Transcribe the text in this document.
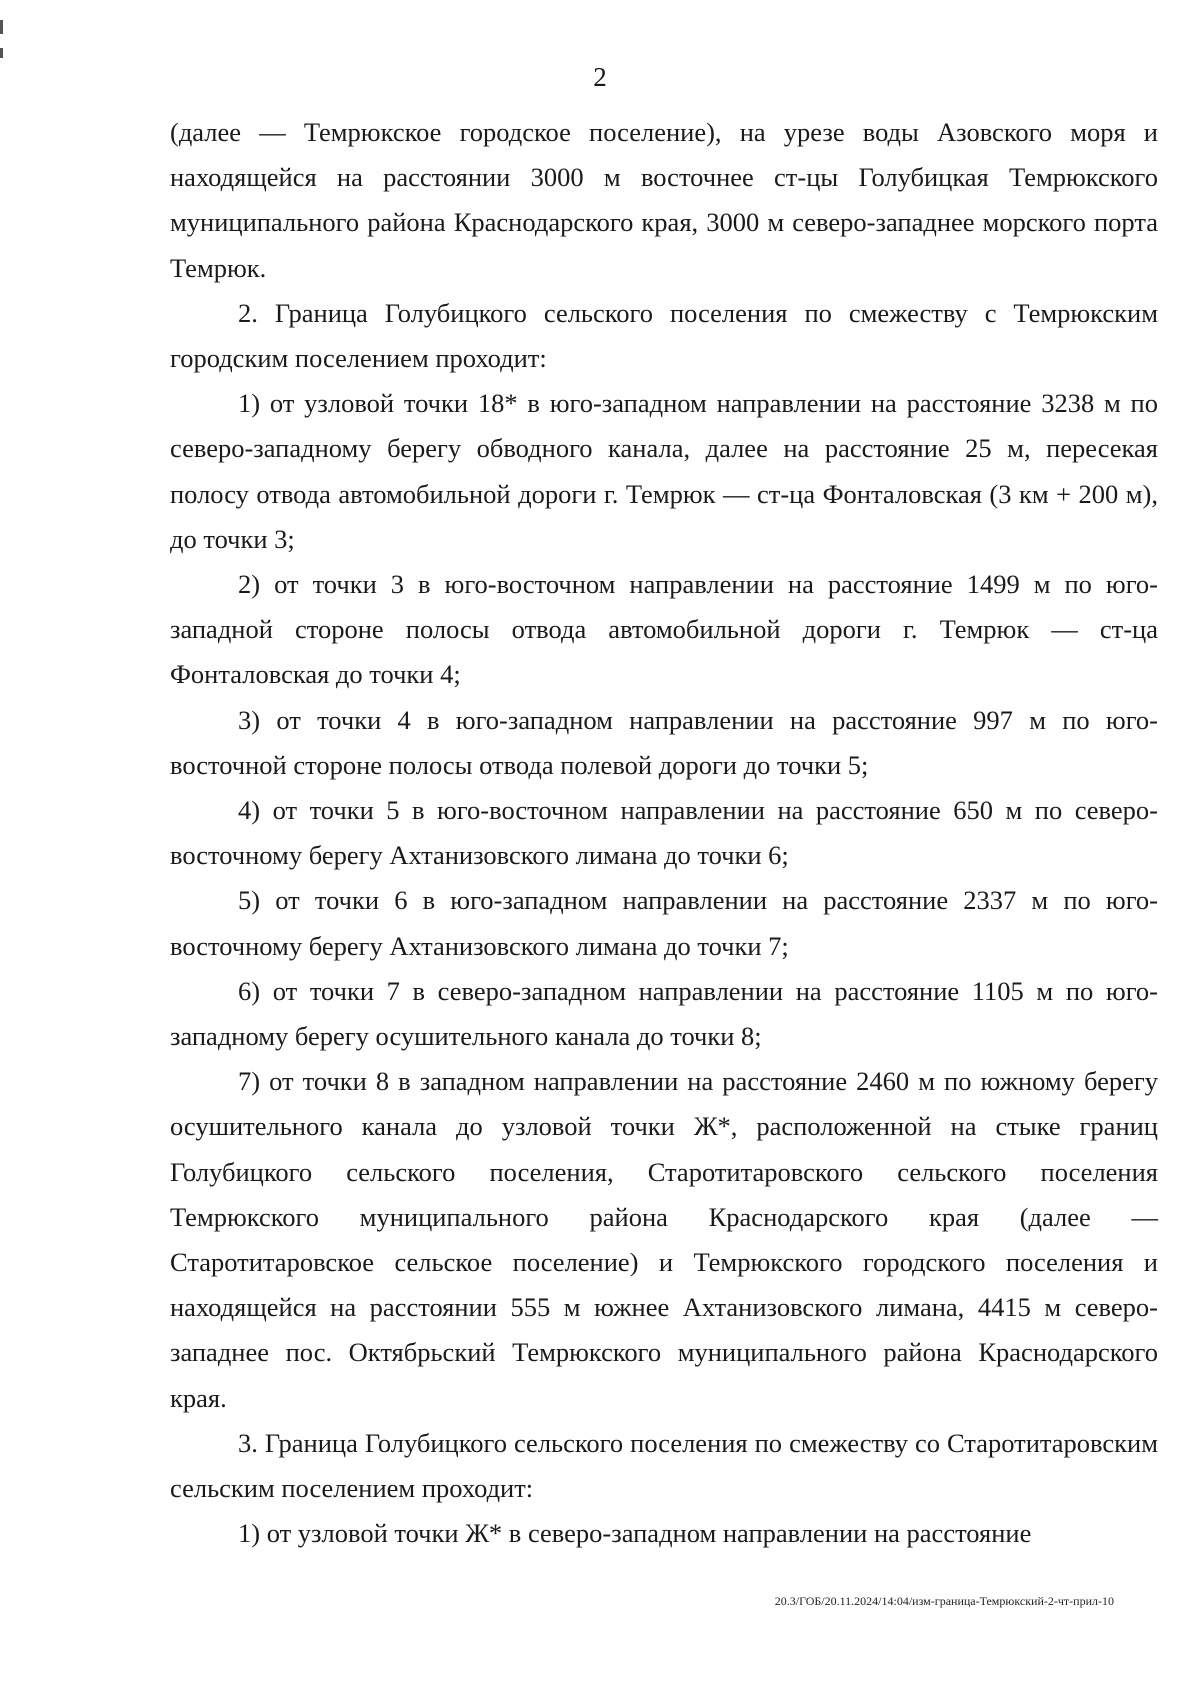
2

(далее — Темрюкское городское поселение), на урезе воды Азовского моря и находящейся на расстоянии 3000 м восточнее ст-цы Голубицкая Темрюкского муниципального района Краснодарского края, 3000 м северо-западнее морского порта Темрюк.

2. Граница Голубицкого сельского поселения по смежеству с Темрюкским городским поселением проходит:

1) от узловой точки 18* в юго-западном направлении на расстояние 3238 м по северо-западному берегу обводного канала, далее на расстояние 25 м, пересекая полосу отвода автомобильной дороги г. Темрюк — ст-ца Фонталовская (3 км + 200 м), до точки 3;

2) от точки 3 в юго-восточном направлении на расстояние 1499 м по юго-западной стороне полосы отвода автомобильной дороги г. Темрюк — ст-ца Фонталовская до точки 4;

3) от точки 4 в юго-западном направлении на расстояние 997 м по юго-восточной стороне полосы отвода полевой дороги до точки 5;

4) от точки 5 в юго-восточном направлении на расстояние 650 м по северо-восточному берегу Ахтанизовского лимана до точки 6;

5) от точки 6 в юго-западном направлении на расстояние 2337 м по юго-восточному берегу Ахтанизовского лимана до точки 7;

6) от точки 7 в северо-западном направлении на расстояние 1105 м по юго-западному берегу осушительного канала до точки 8;

7) от точки 8 в западном направлении на расстояние 2460 м по южному берегу осушительного канала до узловой точки Ж*, расположенной на стыке границ Голубицкого сельского поселения, Старотитаровского сельского поселения Темрюкского муниципального района Краснодарского края (далее — Старотитаровское сельское поселение) и Темрюкского городского поселения и находящейся на расстоянии 555 м южнее Ахтанизовского лимана, 4415 м северо-западнее пос. Октябрьский Темрюкского муниципального района Краснодарского края.

3. Граница Голубицкого сельского поселения по смежеству со Старотитаровским сельским поселением проходит:

1) от узловой точки Ж* в северо-западном направлении на расстояние

20.3/ГОБ/20.11.2024/14:04/изм-граница-Темрюкский-2-чт-прил-10
